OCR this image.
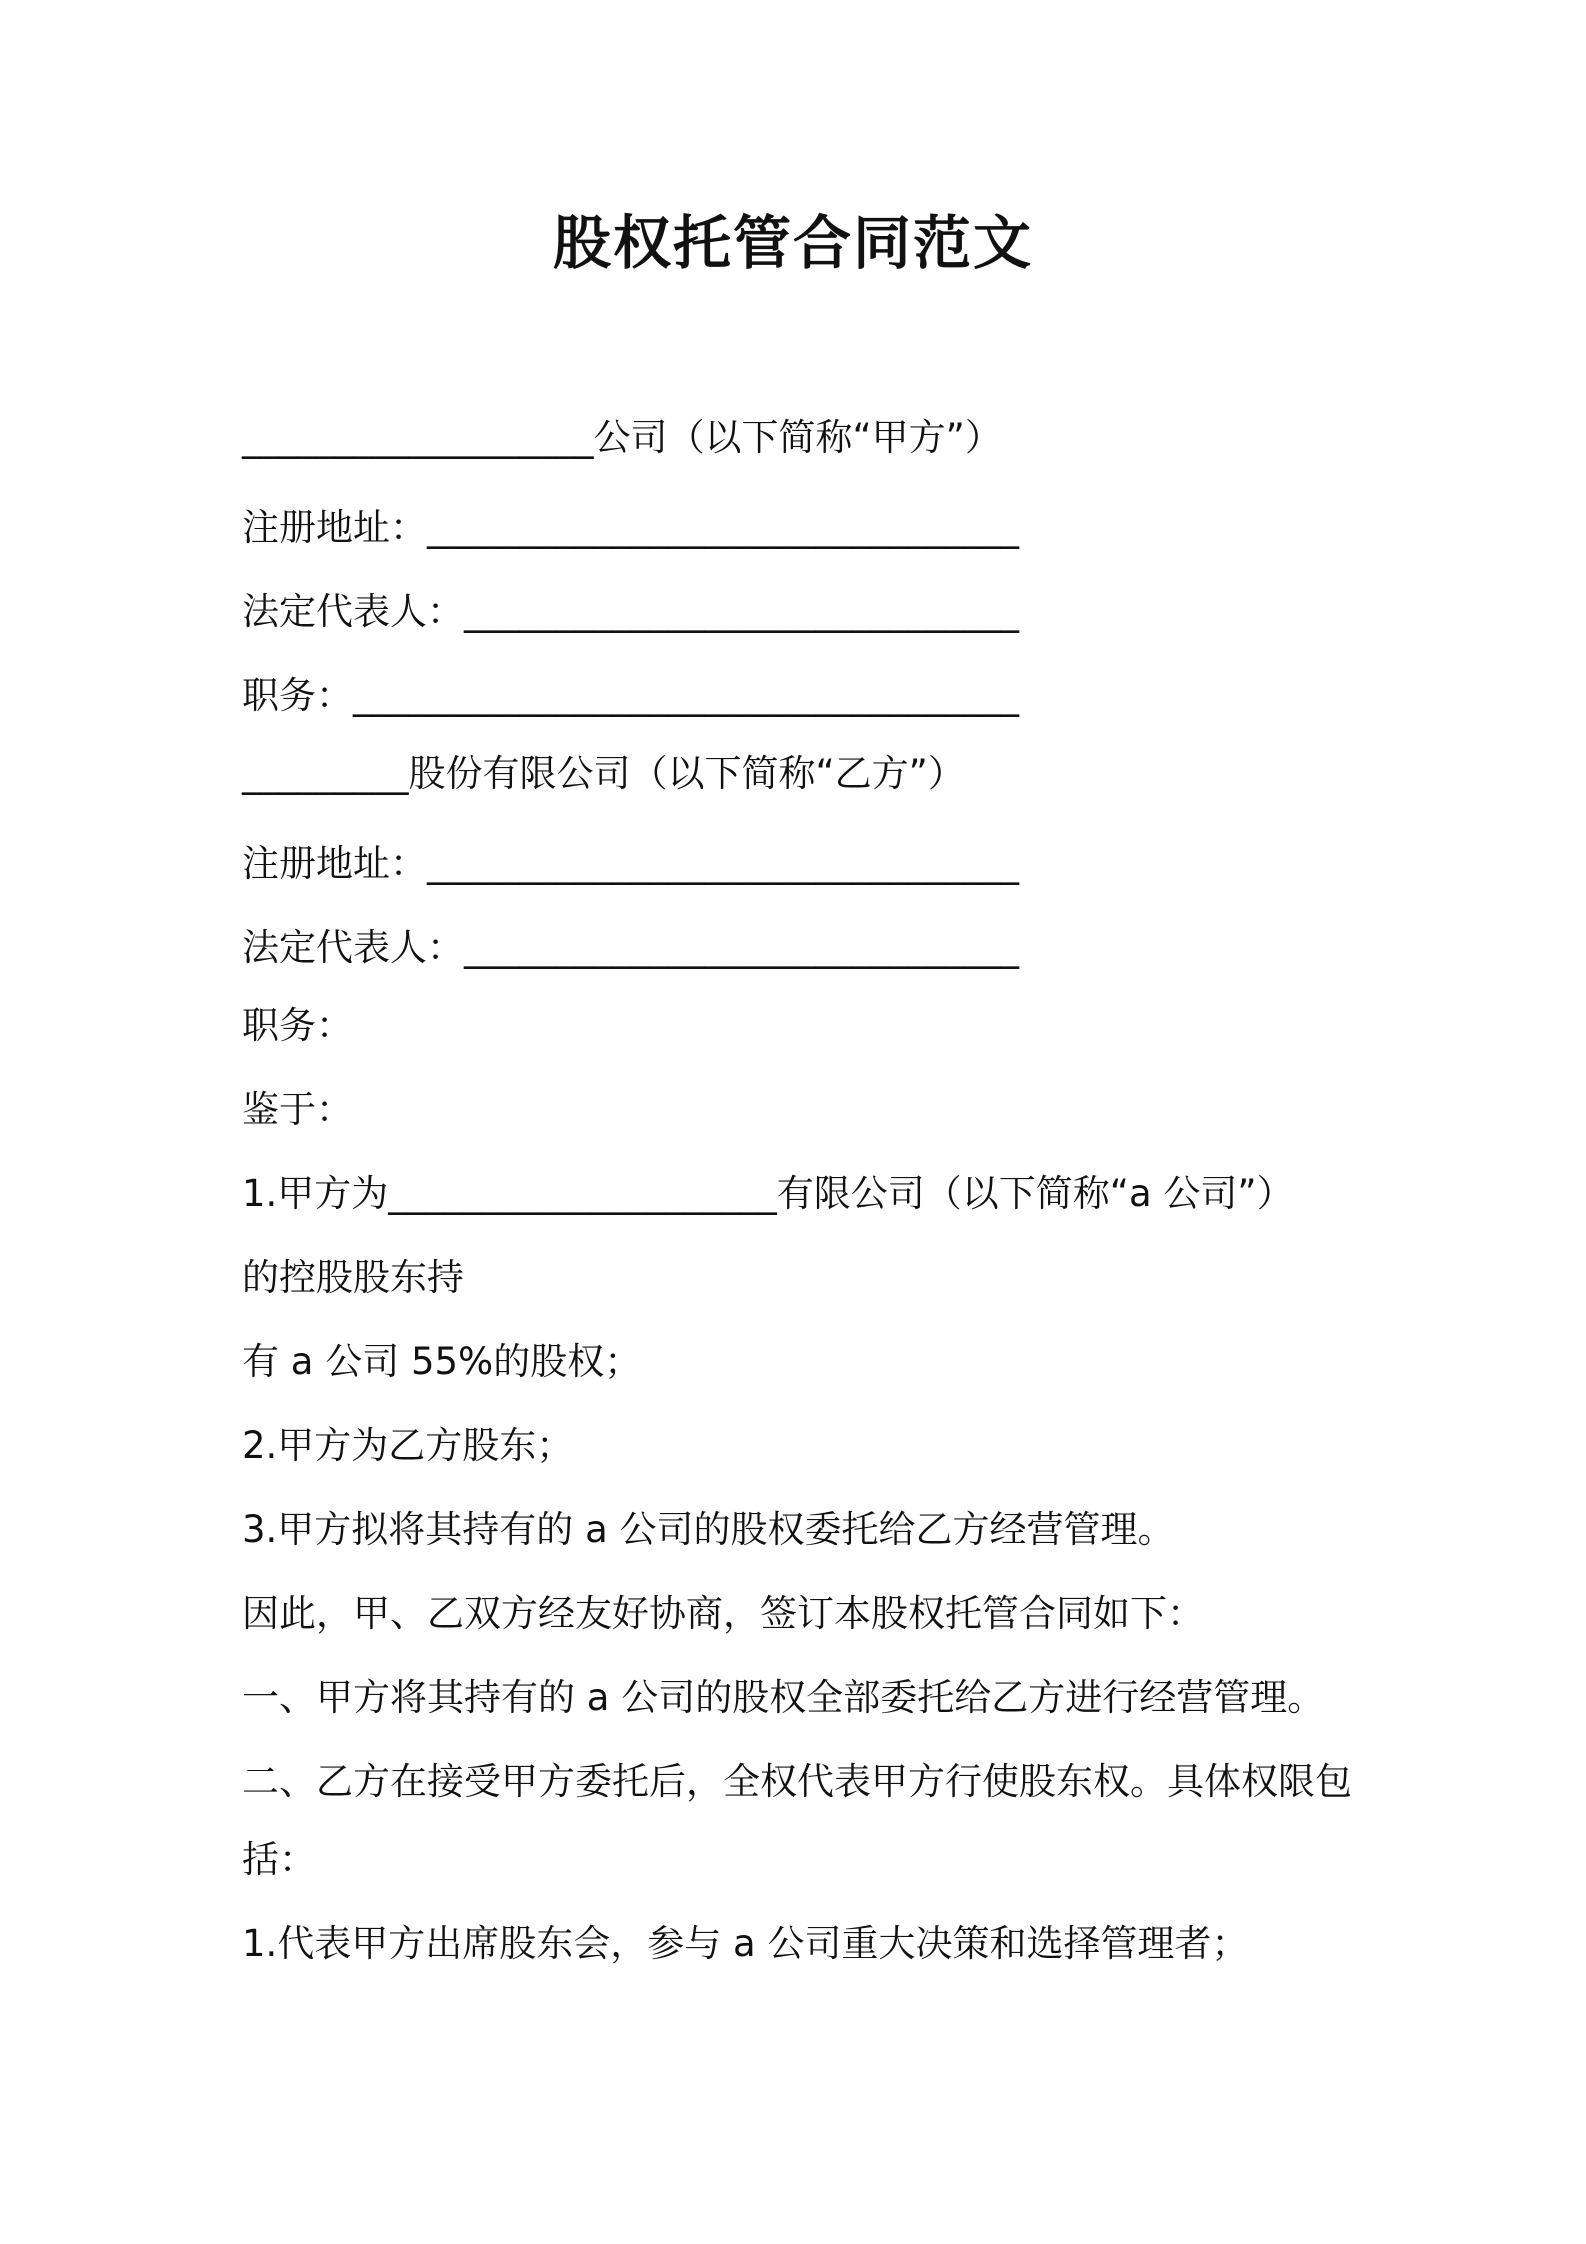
股权托管合同范文
___________________公司（以下简称“甲方”）
注册地址：________________________________
法定代表人：______________________________
职务：____________________________________
_________股份有限公司（以下简称“乙方”）
注册地址：________________________________
法定代表人：______________________________
职务：
鉴于：
1.甲方为_____________________有限公司（以下简称“a 公司”）
的控股股东持
有 a 公司 55%的股权；
2.甲方为乙方股东；
3.甲方拟将其持有的 a 公司的股权委托给乙方经营管理。
因此，甲、乙双方经友好协商，签订本股权托管合同如下：
一、甲方将其持有的 a 公司的股权全部委托给乙方进行经营管理。
二、乙方在接受甲方委托后，全权代表甲方行使股东权。具体权限包
括：
1.代表甲方出席股东会，参与 a 公司重大决策和选择管理者；
